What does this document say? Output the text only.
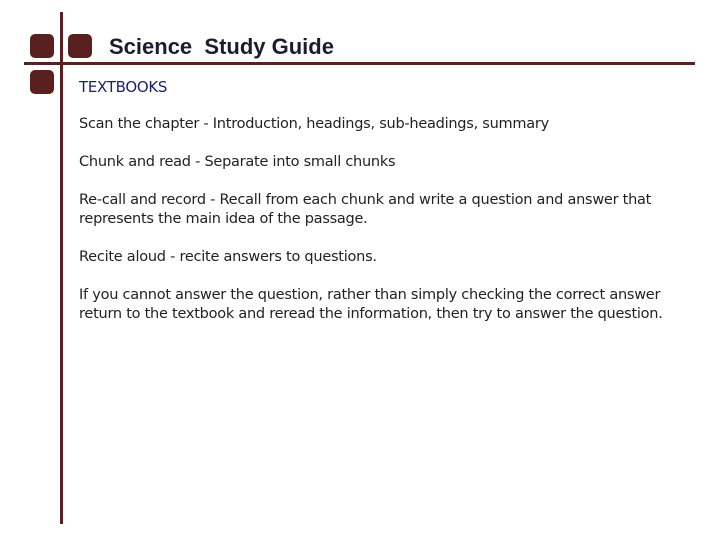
Science  Study Guide
TEXTBOOKS
Scan the chapter - Introduction, headings, sub-headings, summary
Chunk and read - Separate into small chunks
Re-call and record - Recall from each chunk and write a question and answer that represents the main idea of the passage.
Recite aloud - recite answers to questions.
If you cannot answer the question, rather than simply checking the correct answer return to the textbook and reread the information, then try to answer the question.
